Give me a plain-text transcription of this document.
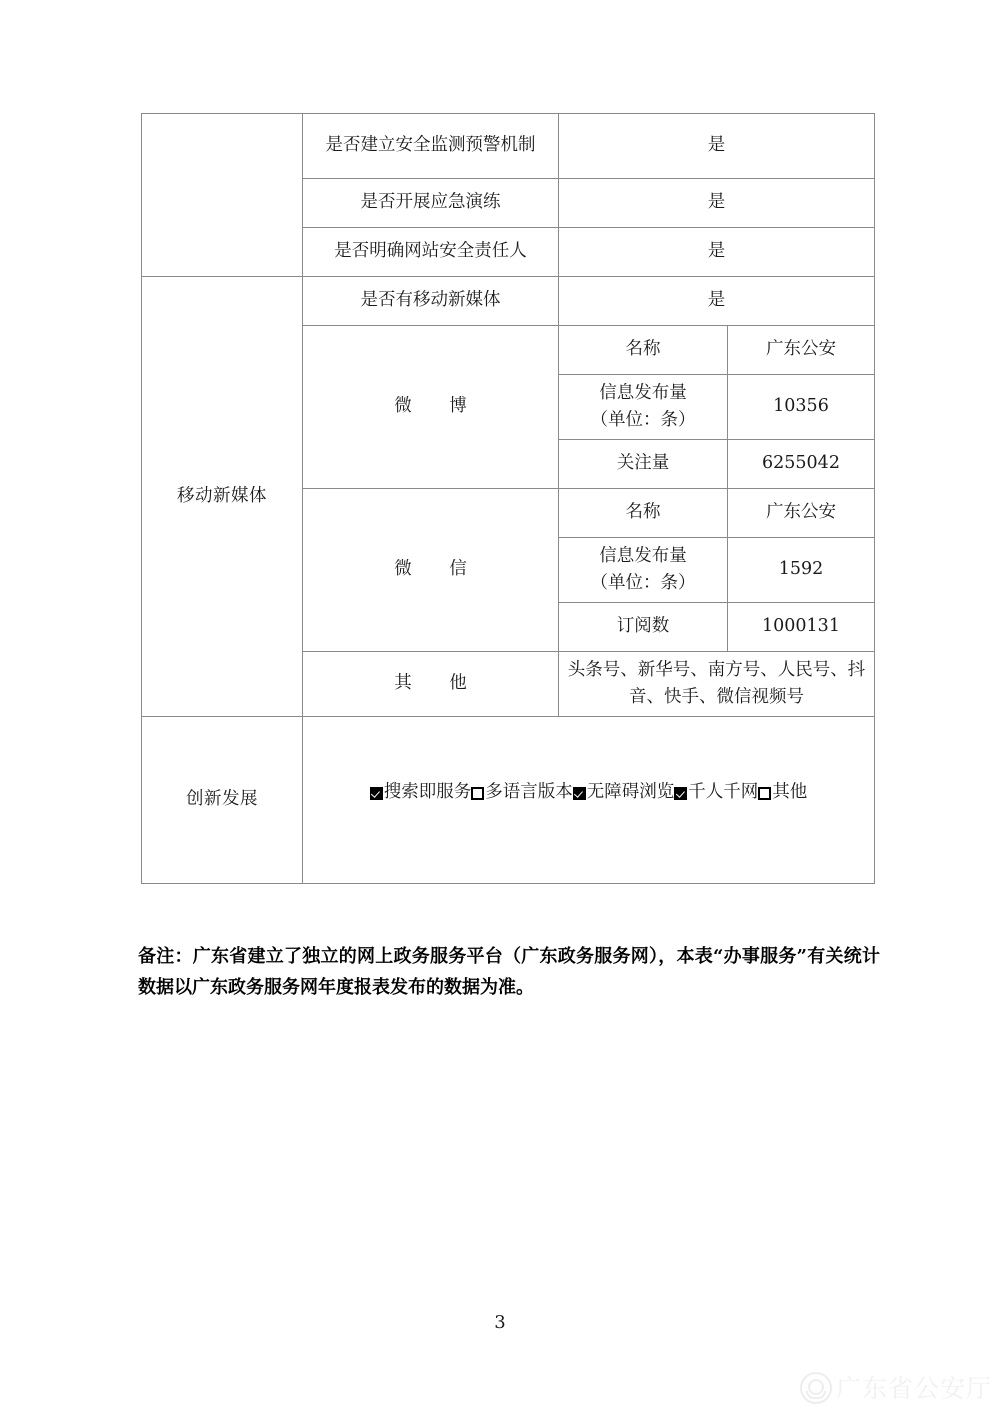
	是否建立安全监测预警机制	是	
	是否开展应急演练	是	
	是否明确网站安全责任人	是	
移动新媒体	是否有移动新媒体	是	
	微　博	名称	广东公安
		信息发布量
（单位：条）	10356
		关注量	6255042
	微　信	名称	广东公安
		信息发布量
（单位：条）	1592
		订阅数	1000131
	其　他	头条号、新华号、南方号、人民号、抖音、快手、微信视频号	
创新发展	搜索即服务 多语言版本 无障碍浏览 千人千网 其他		
备注：广东省建立了独立的网上政务服务平台（广东政务服务网），本表“办事服务”有关统计数据以广东政务服务网年度报表发布的数据为准。
3
广东省公安厅
